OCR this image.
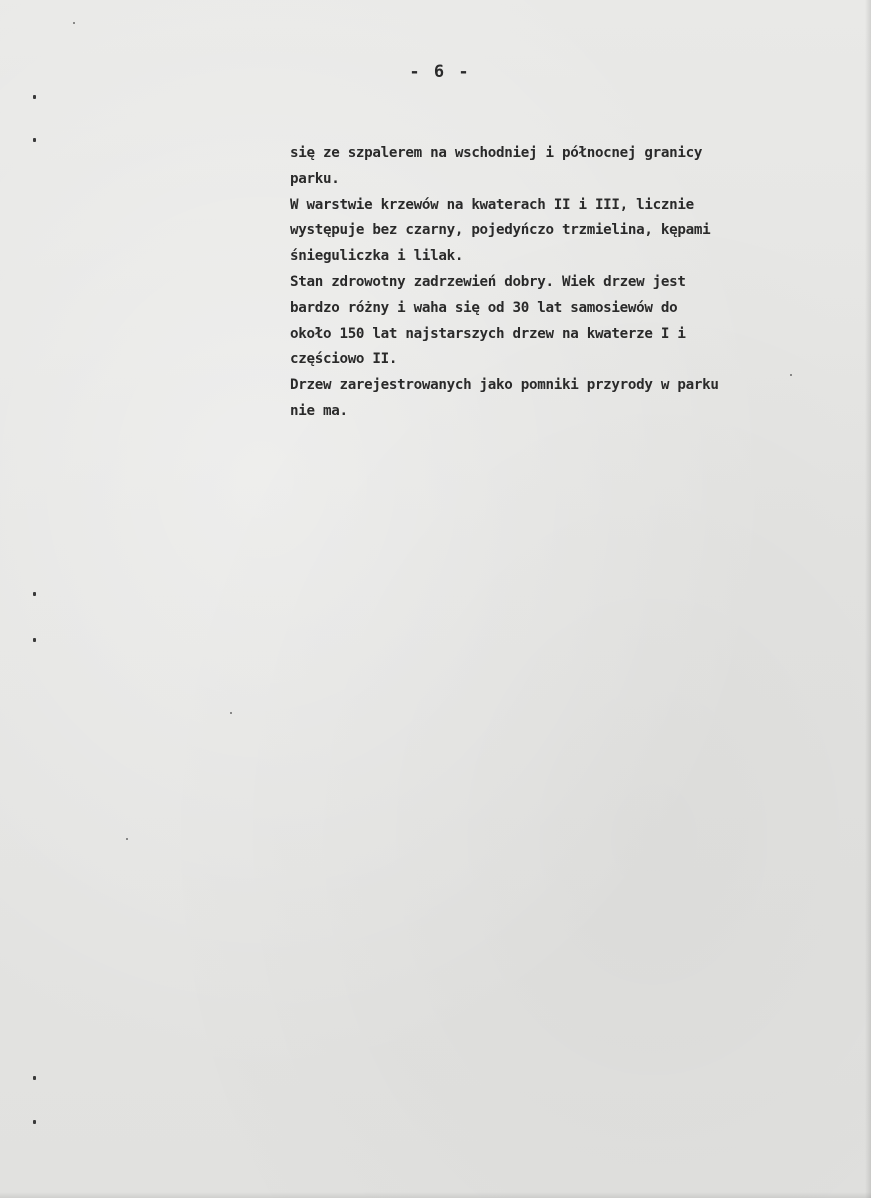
- 6 -
się ze szpalerem na wschodniej i północnej granicy
parku.
W warstwie krzewów na kwaterach II i III, licznie
występuje bez czarny, pojedyńczo trzmielina, kępami
śnieguliczka i lilak.
Stan zdrowotny zadrzewień dobry. Wiek drzew jest
bardzo różny i waha się od 30 lat samosiewów do
około 150 lat najstarszych drzew na kwaterze I i
częściowo II.
Drzew zarejestrowanych jako pomniki przyrody w parku
nie ma.
